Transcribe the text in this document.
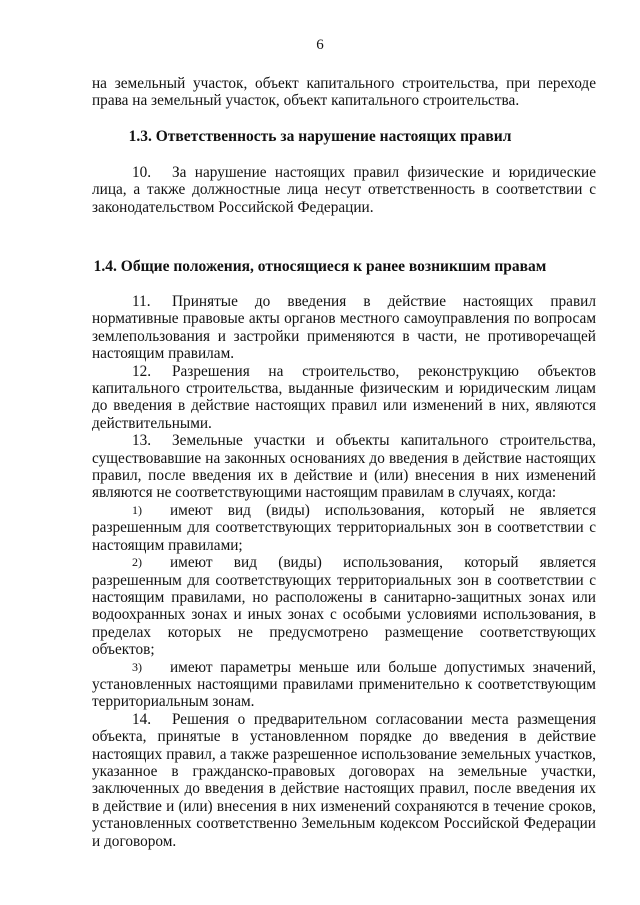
6

на земельный участок, объект капитального строительства, при переходе

права на земельный участок, объект капитального строительства.

1.3. Ответственность за нарушение настоящих правил
10.	За нарушение настоящих правил физические и юридические

лица, а также должностные лица несут ответственность в соответствии с

законодательством Российской Федерации.

1.4. Общие положения, относящиеся к ранее возникшим правам
11.	Принятые до введения в действие настоящих правил

нормативные правовые акты органов местного самоуправления по вопросам землепользования и застройки применяются в части, не противоречащей настоящим правилам.

12.	Разрешения на строительство, реконструкцию объектов

капитального строительства, выданные физическим и юридическим лицам до введения в действие настоящих правил или изменений в них, являются действительными.

13.	Земельные участки и объекты капитального строительства,

существовавшие на законных основаниях до введения в действие настоящих правил, после введения их в действие и (или) внесения в них изменений являются не соответствующими настоящим правилам в случаях, когда:

1)	имеют вид (виды) использования, который не является

разрешенным для соответствующих территориальных зон в соответствии с настоящим правилами;

2)	имеют вид (виды) использования, который является

разрешенным для соответствующих территориальных зон в соответствии с настоящим правилами, но расположены в санитарно-защитных зонах или водоохранных зонах и иных зонах с особыми условиями использования, в пределах которых не предусмотрено размещение соответствующих объектов;

3)	имеют параметры меньше или больше допустимых значений,

установленных настоящими правилами применительно к соответствующим территориальным зонам.

14.	Решения о предварительном согласовании места размещения

объекта, принятые в установленном порядке до введения в действие настоящих правил, а также разрешенное использование земельных участков, указанное в гражданско-правовых договорах на земельные участки, заключенных до введения в действие настоящих правил, после введения их в действие и (или) внесения в них изменений сохраняются в течение сроков, установленных соответственно Земельным кодексом Российской Федерации и договором.
